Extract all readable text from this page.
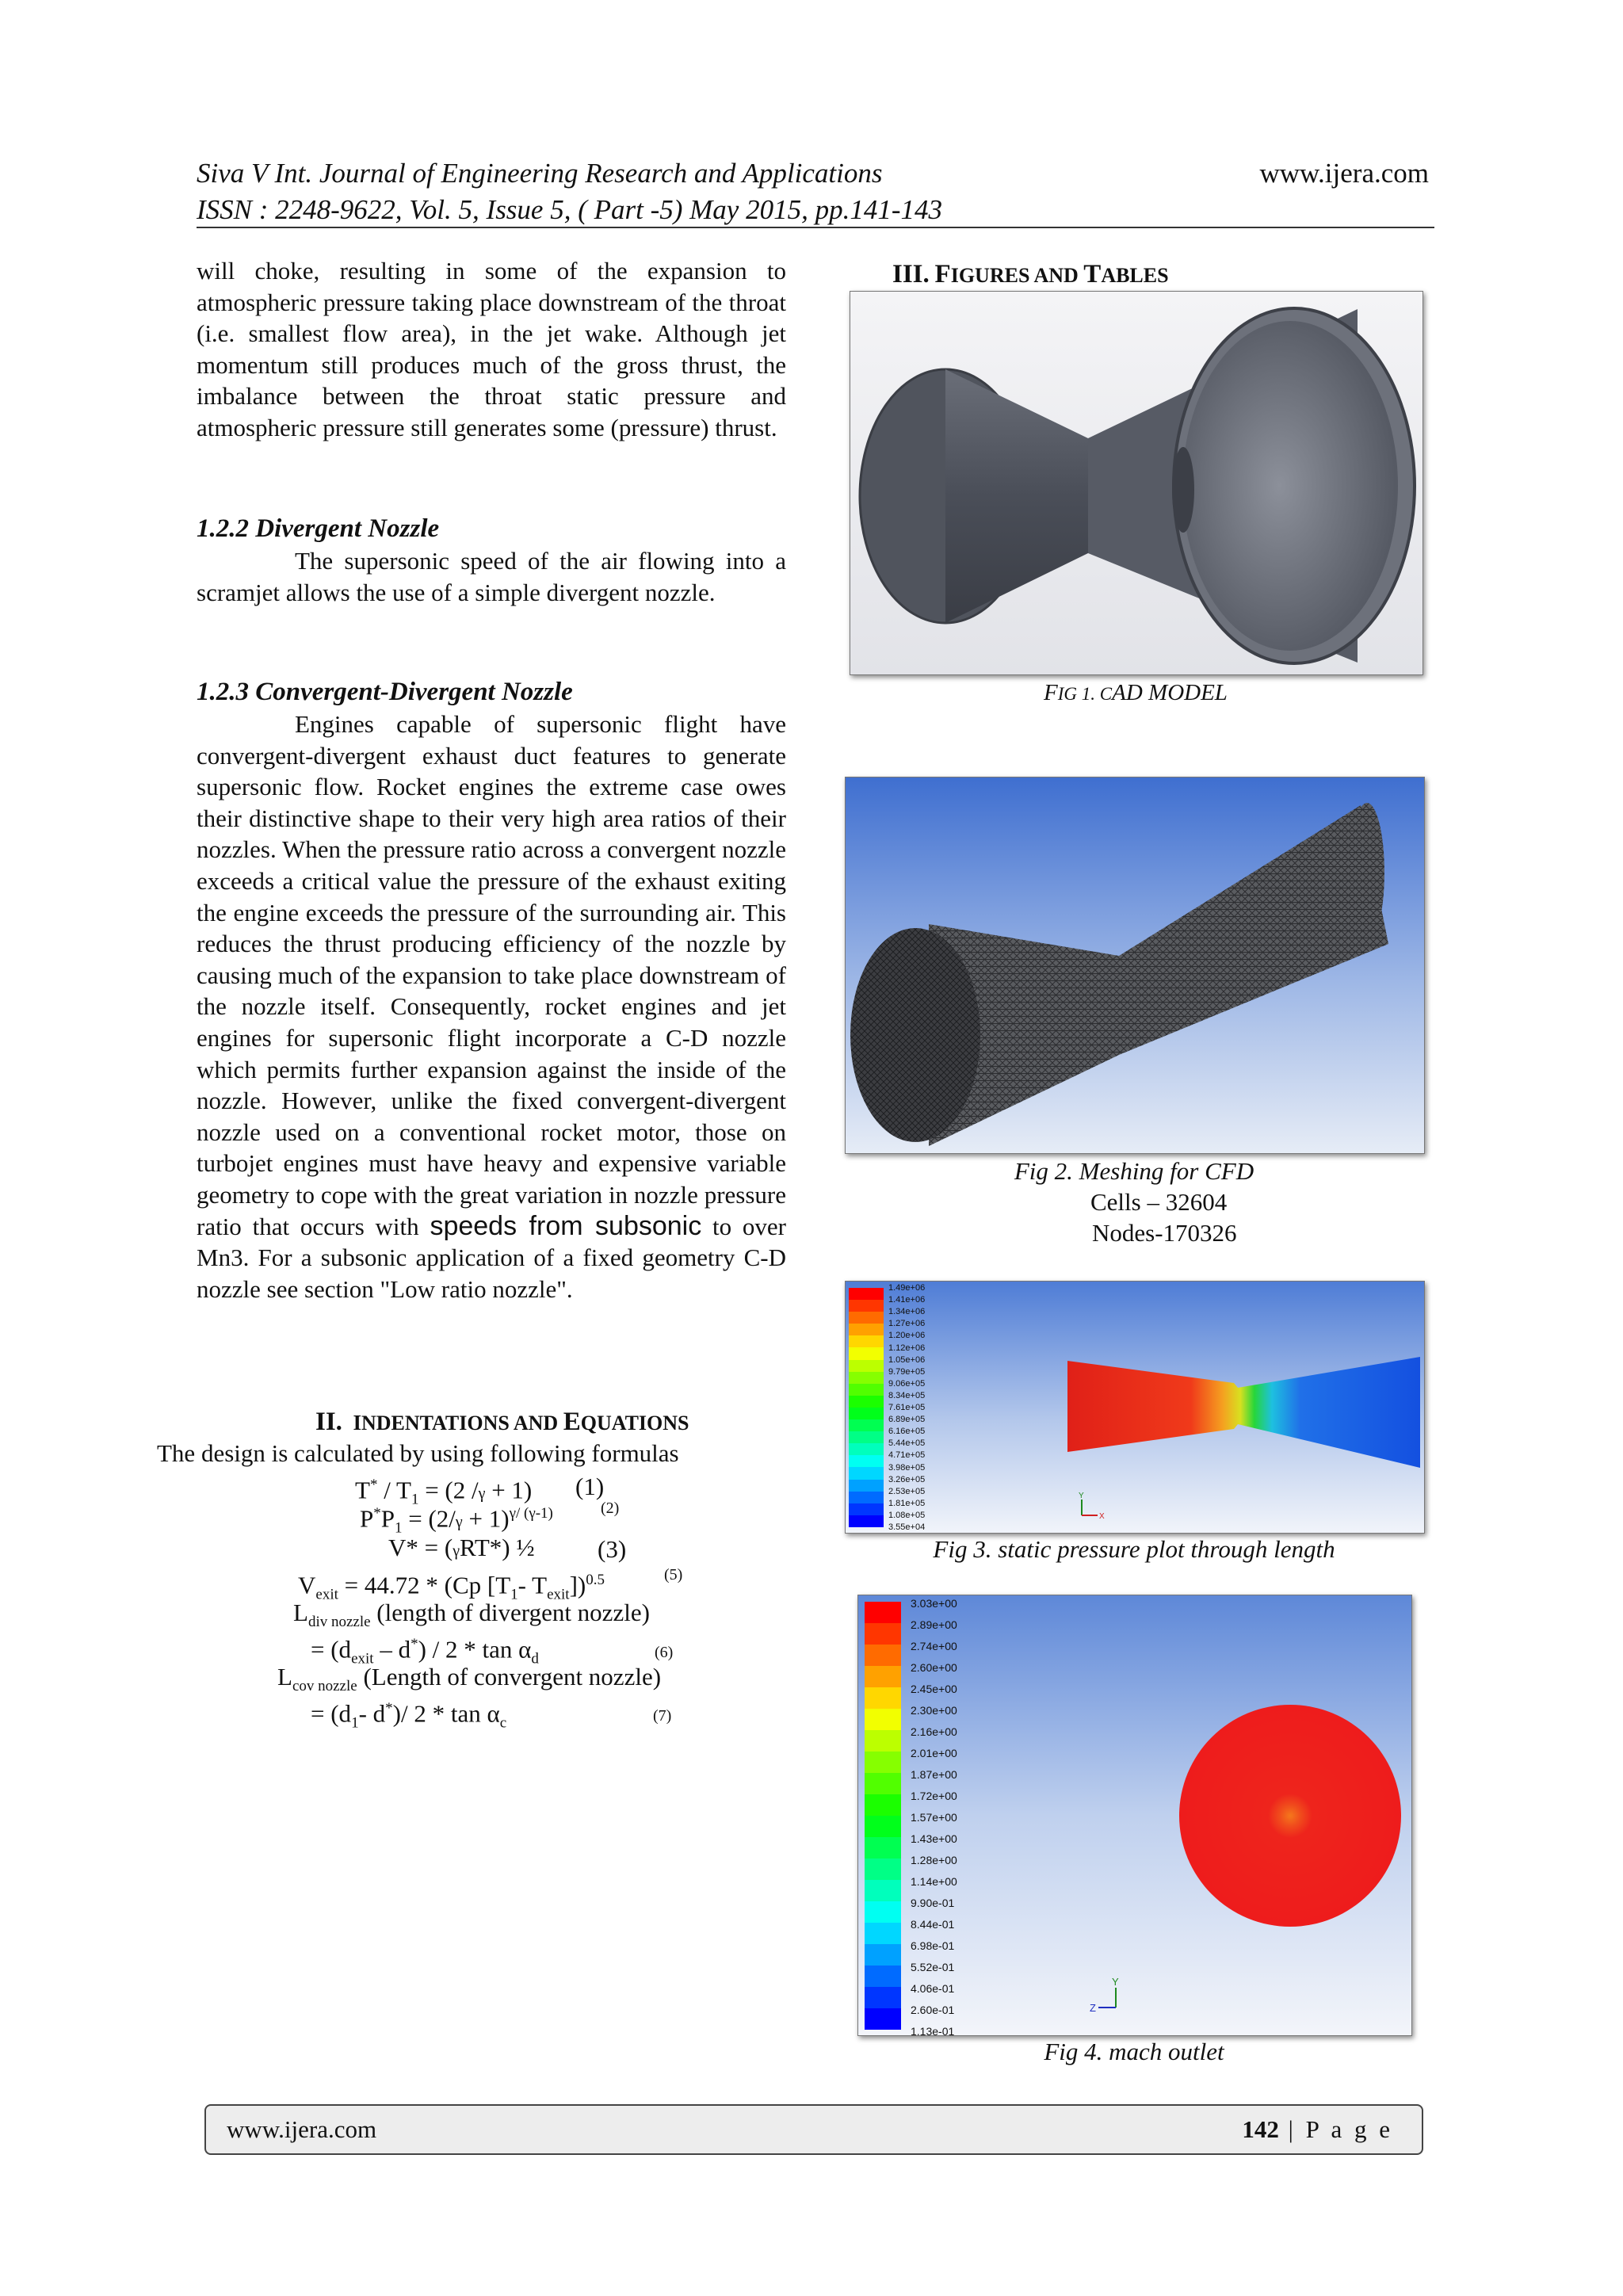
Siva V Int. Journal of Engineering Research and Applications
ISSN : 2248-9622, Vol. 5, Issue 5, ( Part -5) May 2015, pp.141-143
www.ijera.com

will choke, resulting in some of the expansion to atmospheric pressure taking place downstream of the throat (i.e. smallest flow area), in the jet wake. Although jet momentum still produces much of the gross thrust, the imbalance between the throat static pressure and atmospheric pressure still generates some (pressure) thrust.

1.2.2 Divergent Nozzle

The supersonic speed of the air flowing into a scramjet allows the use of a simple divergent nozzle.

1.2.3 Convergent-Divergent Nozzle

Engines capable of supersonic flight have convergent-divergent exhaust duct features to generate supersonic flow. Rocket engines the extreme case owes their distinctive shape to their very high area ratios of their nozzles. When the pressure ratio across a convergent nozzle exceeds a critical value the pressure of the exhaust exiting the engine exceeds the pressure of the surrounding air. This reduces the thrust producing efficiency of the nozzle by causing much of the expansion to take place downstream of the nozzle itself. Consequently, rocket engines and jet engines for supersonic flight incorporate a C-D nozzle which permits further expansion against the inside of the nozzle. However, unlike the fixed convergent-divergent nozzle used on a conventional rocket motor, those on turbojet engines must have heavy and expensive variable geometry to cope with the great variation in nozzle pressure ratio that occurs with speeds from subsonic to over Mn3. For a subsonic application of a fixed geometry C-D nozzle see section "Low ratio nozzle".

II. INDENTATIONS AND EQUATIONS
The design is calculated by using following formulas
$T^* / T_1 = (2$ /γ + 1) (1)
$P^*P_1 = (2/\gamma + 1)^{\gamma/ (\gamma-1)}$	(2)
V* = (γRT*) ½	(3)
$V_{exit} = 44.72 * (Cp$ [$T_1-$ $T_{exit}])^{0.5}$	(5)
$L_{div nozzle}$ (length of divergent nozzle)
= $(d_{exit} - d^*) / 2$ * $\tan \alpha_d$	(6)
$L_{cov nozzle}$ (Length of convergent nozzle)
= ($d_1-$ d*)/ $2 * \tan \alpha_c$	(7)
III. FIGURES AND TABLES
FIG 1. CAD MODEL
Fig 2. Meshing for CFD
Cells – 32604
Nodes-170326
1.49e+06
1.41e+06
1.34e+06
1.27e+06
1.20e+06
1.12e+06
1.05e+06
9.79e+05
9.06e+05
8.34e+05
7.61e+05
6.89e+05
6.16e+05
5.44e+05
4.71e+05
3.98e+05
3.26e+05
2.53e+05
1.81e+05
1.08e+05
3.55e+04
Y
X
Fig 3. static pressure plot through length
3.03e+00
2.89e+00
2.74e+00
2.60e+00
2.45e+00
2.30e+00
2.16e+00
2.01e+00
1.87e+00
1.72e+00
1.57e+00
1.43e+00
1.28e+00
1.14e+00
9.90e-01
8.44e-01
6.98e-01
5.52e-01
4.06e-01
2.60e-01
1.13e-01
Y
Z
Fig 4. mach outlet
www.ijera.com	142 | P a g e
